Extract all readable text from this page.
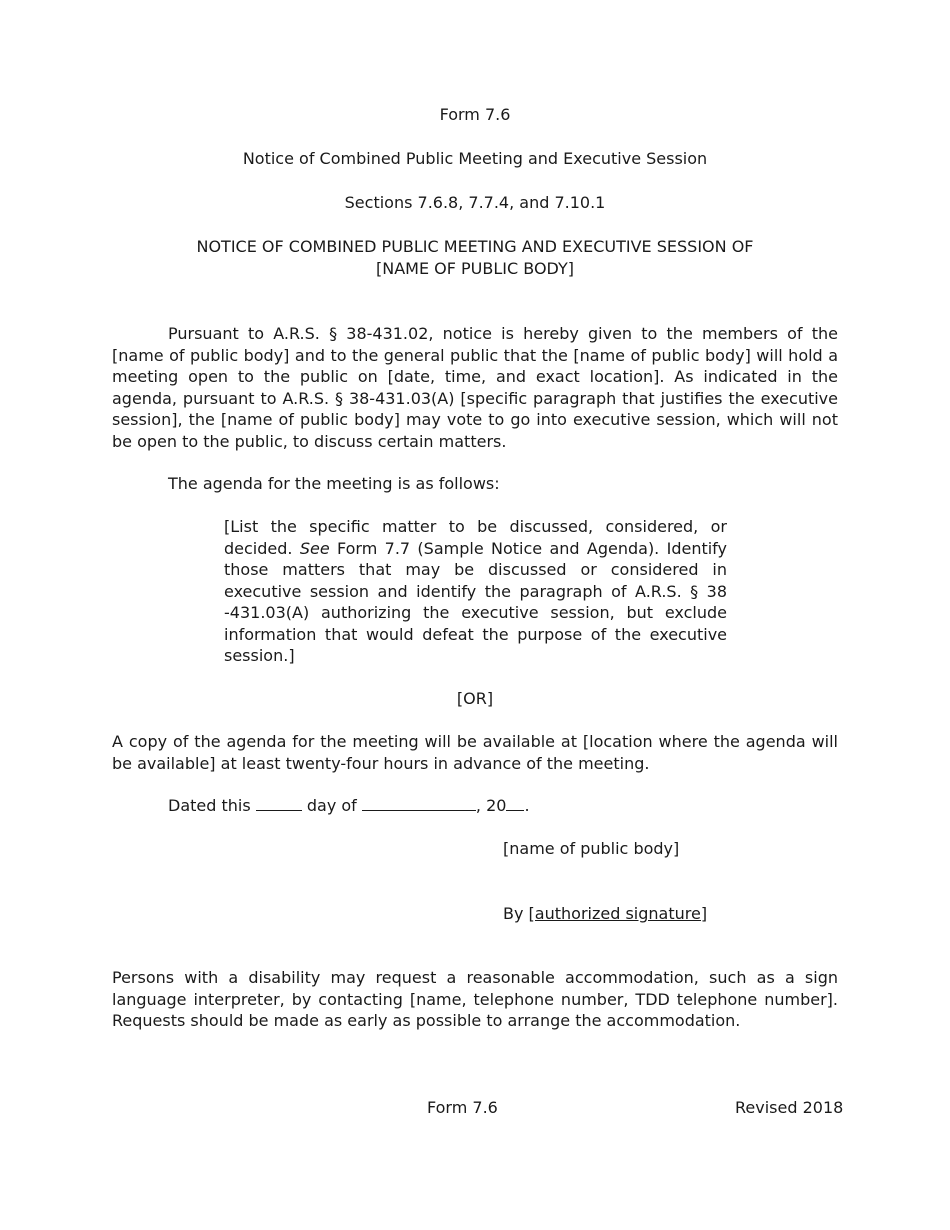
Form 7.6
Notice of Combined Public Meeting and Executive Session
Sections 7.6.8, 7.7.4, and 7.10.1
NOTICE OF COMBINED PUBLIC MEETING AND EXECUTIVE SESSION OF
[NAME OF PUBLIC BODY]
Pursuant to A.R.S. § 38-431.02, notice is hereby given to the members of the [name of public body] and to the general public that the [name of public body] will hold a meeting open to the public on [date, time, and exact location]. As indicated in the agenda, pursuant to A.R.S. § 38-431.03(A) [specific paragraph that justifies the executive session], the [name of public body] may vote to go into executive session, which will not be open to the public, to discuss certain matters.
The agenda for the meeting is as follows:
[List the specific matter to be discussed, considered, or decided. See Form 7.7 (Sample Notice and Agenda). Identify those matters that may be discussed or considered in executive session and identify the paragraph of A.R.S. § 38 -431.03(A) authorizing the executive session, but exclude information that would defeat the purpose of the executive session.]
[OR]
A copy of the agenda for the meeting will be available at [location where the agenda will be available] at least twenty-four hours in advance of the meeting.
Dated this	day of	, 20 .
[name of public body]
By [authorized signature]
Persons with a disability may request a reasonable accommodation, such as a sign language interpreter, by contacting [name, telephone number, TDD telephone number]. Requests should be made as early as possible to arrange the accommodation.
Form 7.6	Revised 2018
